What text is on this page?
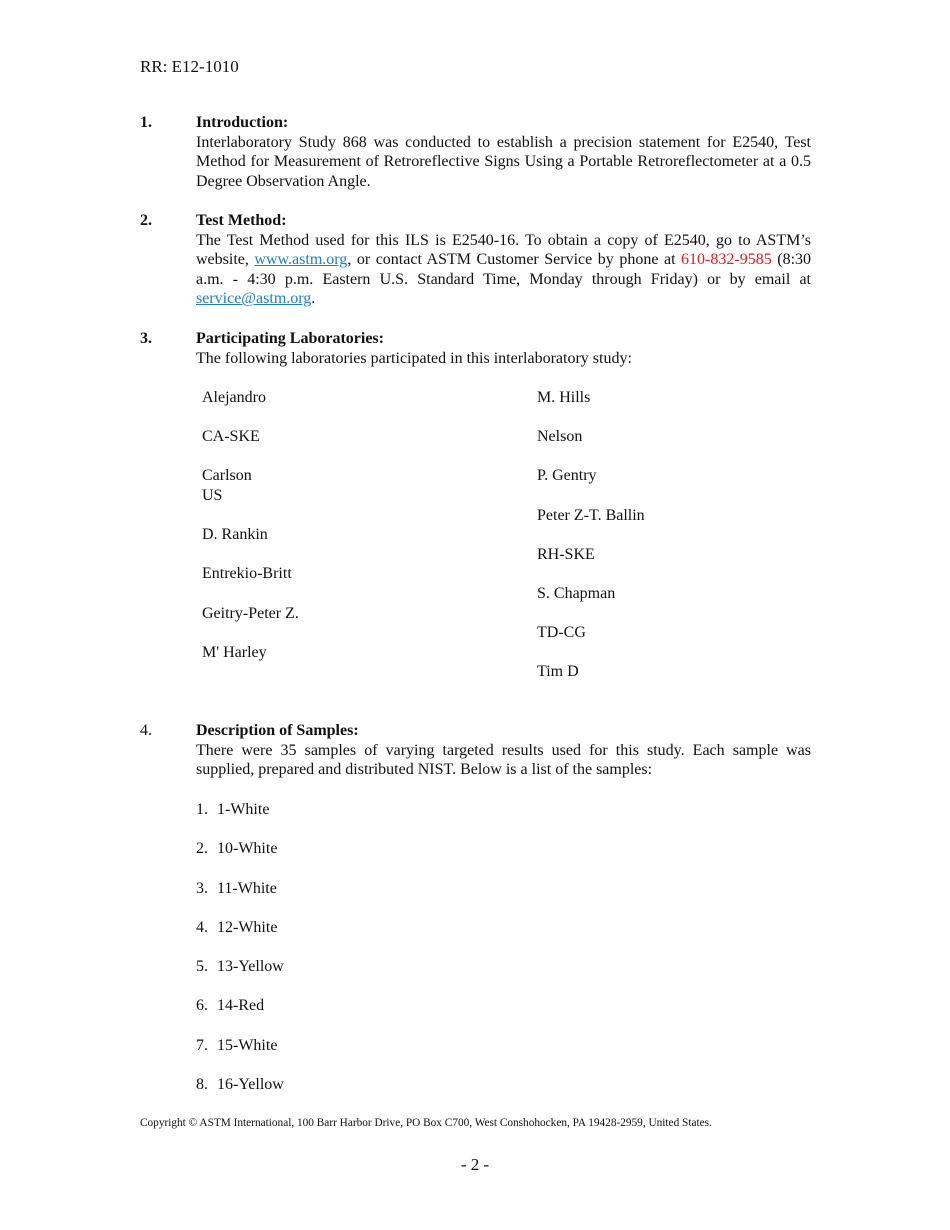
RR: E12-1010
1.	Introduction:
Interlaboratory Study 868 was conducted to establish a precision statement for E2540, Test Method for Measurement of Retroreflective Signs Using a Portable Retroreflectometer at a 0.5 Degree Observation Angle.
2.	Test Method:
The Test Method used for this ILS is E2540-16. To obtain a copy of E2540, go to ASTM’s website, www.astm.org, or contact ASTM Customer Service by phone at 610-832-9585 (8:30 a.m. - 4:30 p.m. Eastern U.S. Standard Time, Monday through Friday) or by email at service@astm.org.
3.	Participating Laboratories:
The following laboratories participated in this interlaboratory study:
Alejandro
CA-SKE
Carlson
US
D. Rankin
Entrekio-Britt
Geitry-Peter Z.
M' Harley
M. Hills
Nelson
P. Gentry
Peter Z-T. Ballin
RH-SKE
S. Chapman
TD-CG
Tim D
4.	Description of Samples:
There were 35 samples of varying targeted results used for this study. Each sample was supplied, prepared and distributed NIST. Below is a list of the samples:
1. 1-White
2. 10-White
3. 11-White
4. 12-White
5. 13-Yellow
6. 14-Red
7. 15-White
8. 16-Yellow
Copyright © ASTM International, 100 Barr Harbor Drive, PO Box C700, West Conshohocken, PA 19428-2959, United States.
- 2 -
